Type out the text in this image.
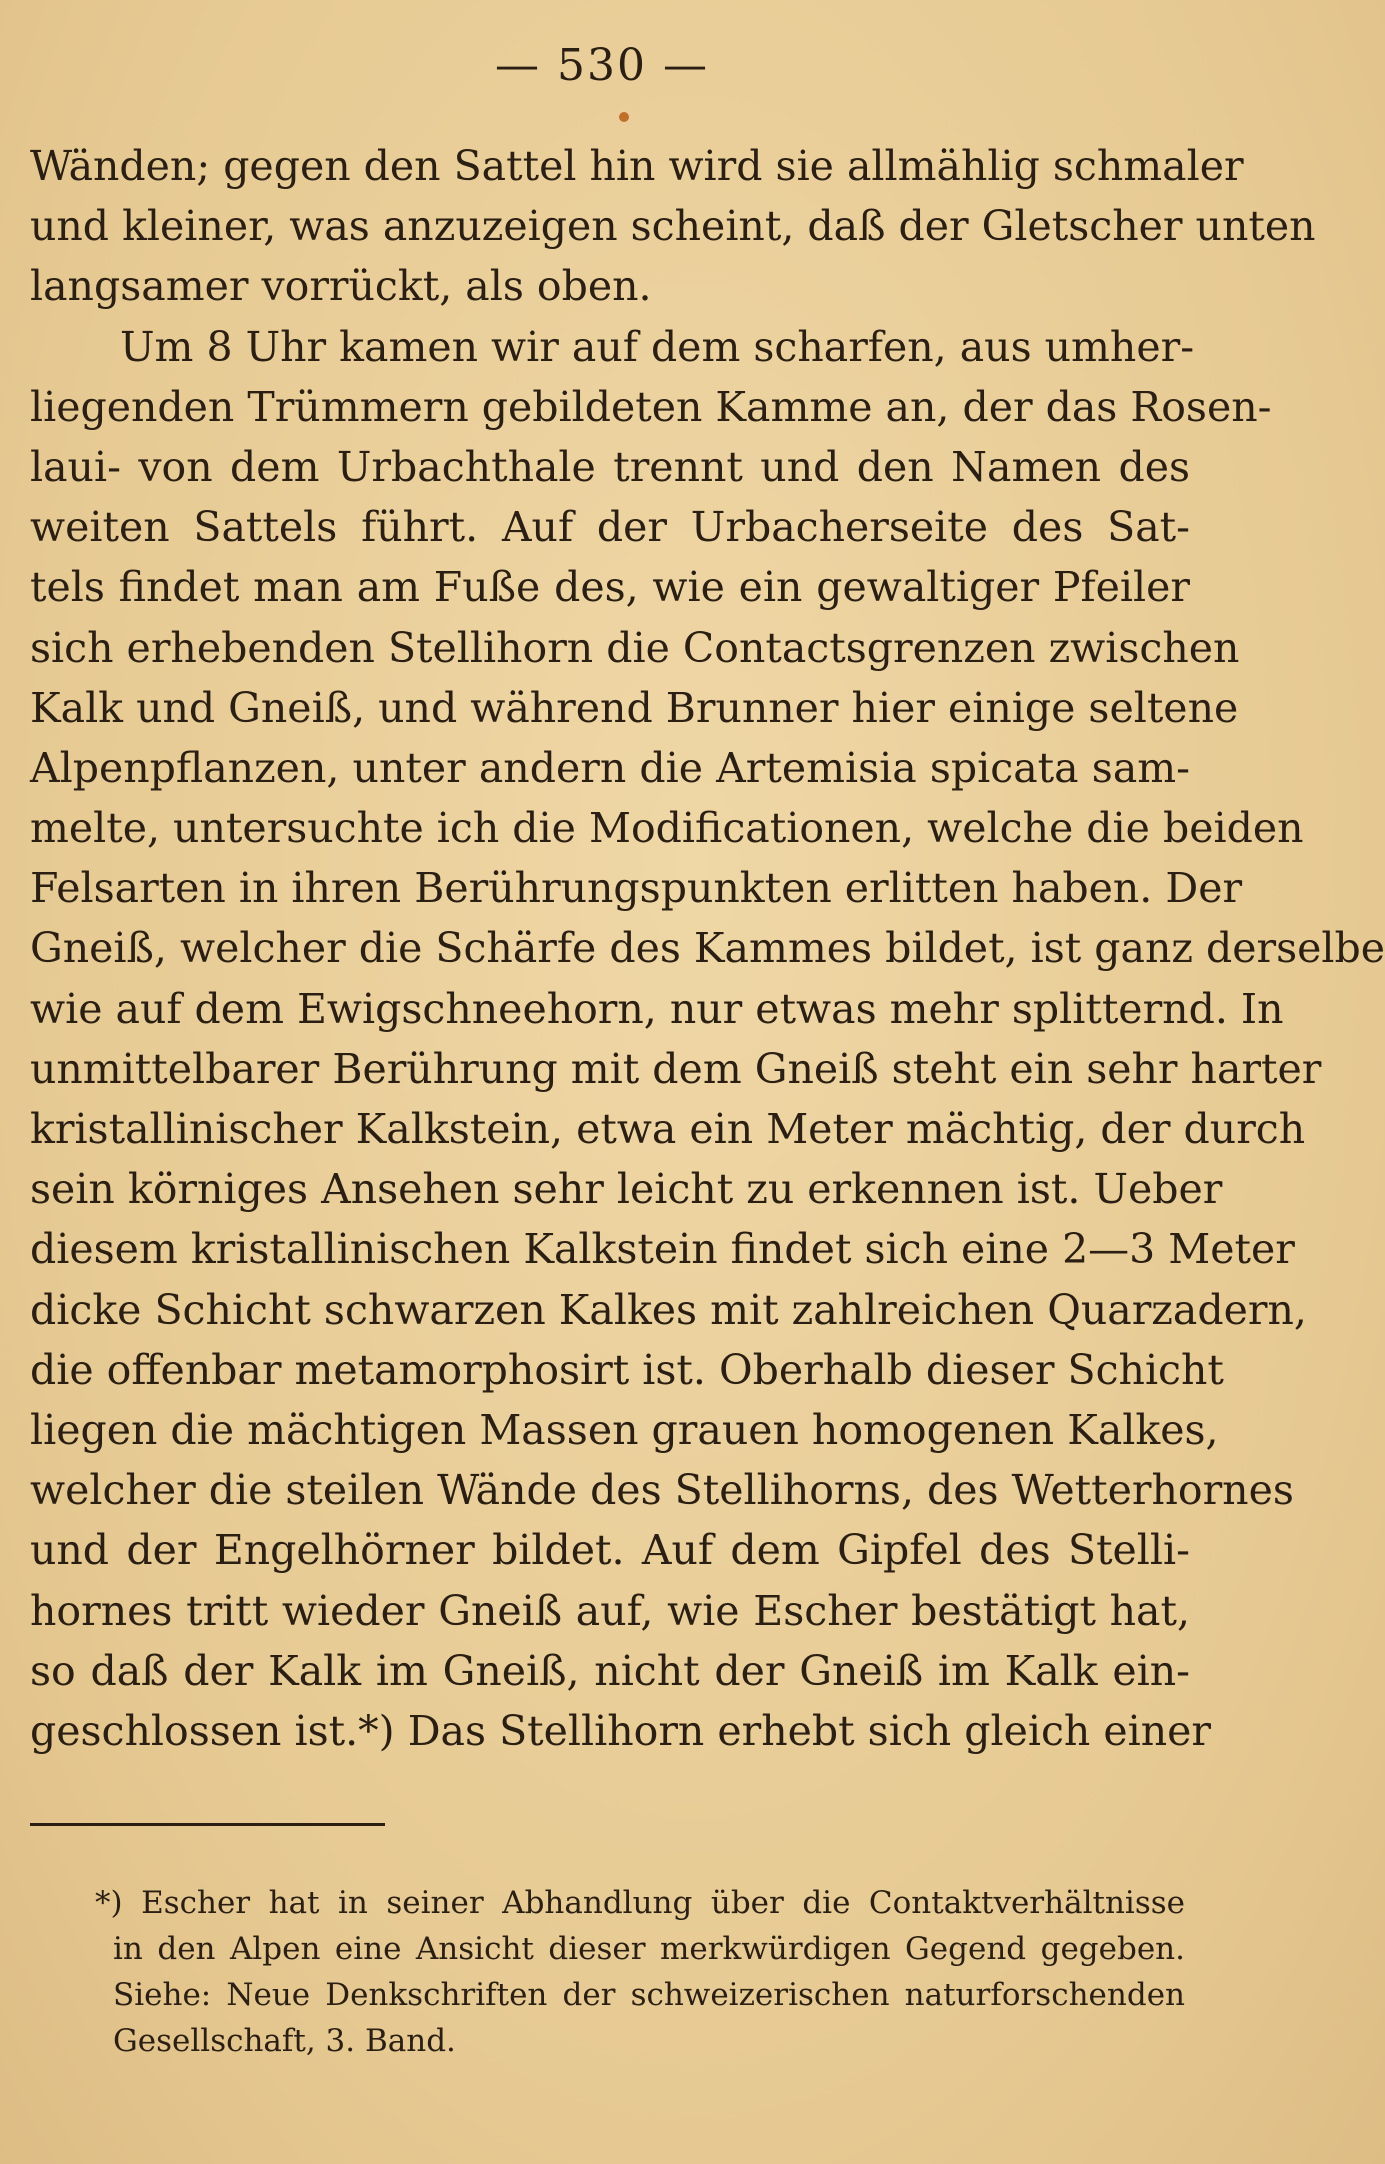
— 530 —
Wänden; gegen den Sattel hin wird sie allmählig schmaler
und kleiner, was anzuzeigen scheint, daß der Gletscher unten
langsamer vorrückt, als oben.
Um 8 Uhr kamen wir auf dem scharfen, aus umher-
liegenden Trümmern gebildeten Kamme an, der das Rosen-
laui- von dem Urbachthale trennt und den Namen des
weiten Sattels führt. Auf der Urbacherseite des Sat-
tels findet man am Fuße des, wie ein gewaltiger Pfeiler
sich erhebenden Stellihorn die Contactsgrenzen zwischen
Kalk und Gneiß, und während Brunner hier einige seltene
Alpenpflanzen, unter andern die Artemisia spicata sam-
melte, untersuchte ich die Modificationen, welche die beiden
Felsarten in ihren Berührungspunkten erlitten haben. Der
Gneiß, welcher die Schärfe des Kammes bildet, ist ganz derselbe
wie auf dem Ewigschneehorn, nur etwas mehr splitternd. In
unmittelbarer Berührung mit dem Gneiß steht ein sehr harter
kristallinischer Kalkstein, etwa ein Meter mächtig, der durch
sein körniges Ansehen sehr leicht zu erkennen ist. Ueber
diesem kristallinischen Kalkstein findet sich eine 2—3 Meter
dicke Schicht schwarzen Kalkes mit zahlreichen Quarzadern,
die offenbar metamorphosirt ist. Oberhalb dieser Schicht
liegen die mächtigen Massen grauen homogenen Kalkes,
welcher die steilen Wände des Stellihorns, des Wetterhornes
und der Engelhörner bildet. Auf dem Gipfel des Stelli-
hornes tritt wieder Gneiß auf, wie Escher bestätigt hat,
so daß der Kalk im Gneiß, nicht der Gneiß im Kalk ein-
geschlossen ist.*) Das Stellihorn erhebt sich gleich einer
*) Escher hat in seiner Abhandlung über die Contaktverhältnisse
in den Alpen eine Ansicht dieser merkwürdigen Gegend gegeben.
Siehe: Neue Denkschriften der schweizerischen naturforschenden
Gesellschaft, 3. Band.
